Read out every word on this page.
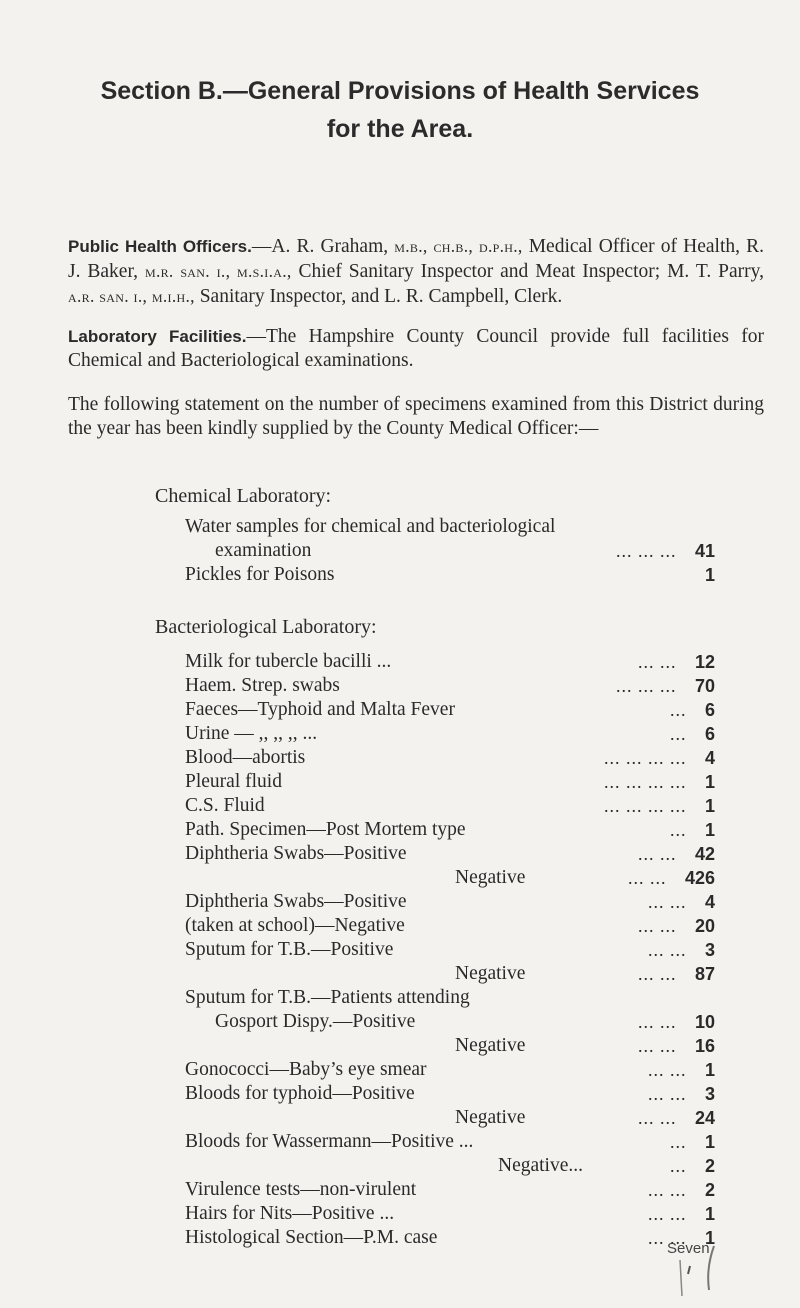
Section B.—General Provisions of Health Services
for the Area.
Public Health Officers.—A. R. Graham, m.b., ch.b., d.p.h., Medical Officer of Health, R. J. Baker, m.r. san. i., m.s.i.a., Chief Sanitary Inspector and Meat Inspector; M. T. Parry, a.r. san. i., m.i.h., Sanitary Inspector, and L. R. Campbell, Clerk.
Laboratory Facilities.—The Hampshire County Council provide full facilities for Chemical and Bacteriological examinations.
The following statement on the number of specimens examined from this District during the year has been kindly supplied by the County Medical Officer:—
Chemical Laboratory:
Water samples for chemical and bacteriological
examination	... ... ... 41
Pickles for Poisons	1
Bacteriological Laboratory:
Milk for tubercle bacilli ...	... ... 12
Haem. Strep. swabs	... ... ... 70
Faeces—Typhoid and Malta Fever	... 6
Urine — ,, ,, ,, ...	... 6
Blood—abortis	... ... ... ... 4
Pleural fluid	... ... ... ... 1
C.S. Fluid	... ... ... ... 1
Path. Specimen—Post Mortem type	... 1
Diphtheria Swabs—Positive	... ... 42
Negative	... ... 426
Diphtheria Swabs—Positive	... ... 4
(taken at school)—Negative	... ... 20
Sputum for T.B.—Positive	... ... 3
Negative	... ... 87
Sputum for T.B.—Patients attending
Gosport Dispy.—Positive	... ... 10
Negative	... ... 16
Gonococci—Baby’s eye smear	... ... 1
Bloods for typhoid—Positive	... ... 3
Negative	... ... 24
Bloods for Wassermann—Positive ...	... 1
Negative...	... 2
Virulence tests—non-virulent	... ... 2
Hairs for Nits—Positive ...	... ... 1
Histological Section—P.M. case	... ... 1
Seven
